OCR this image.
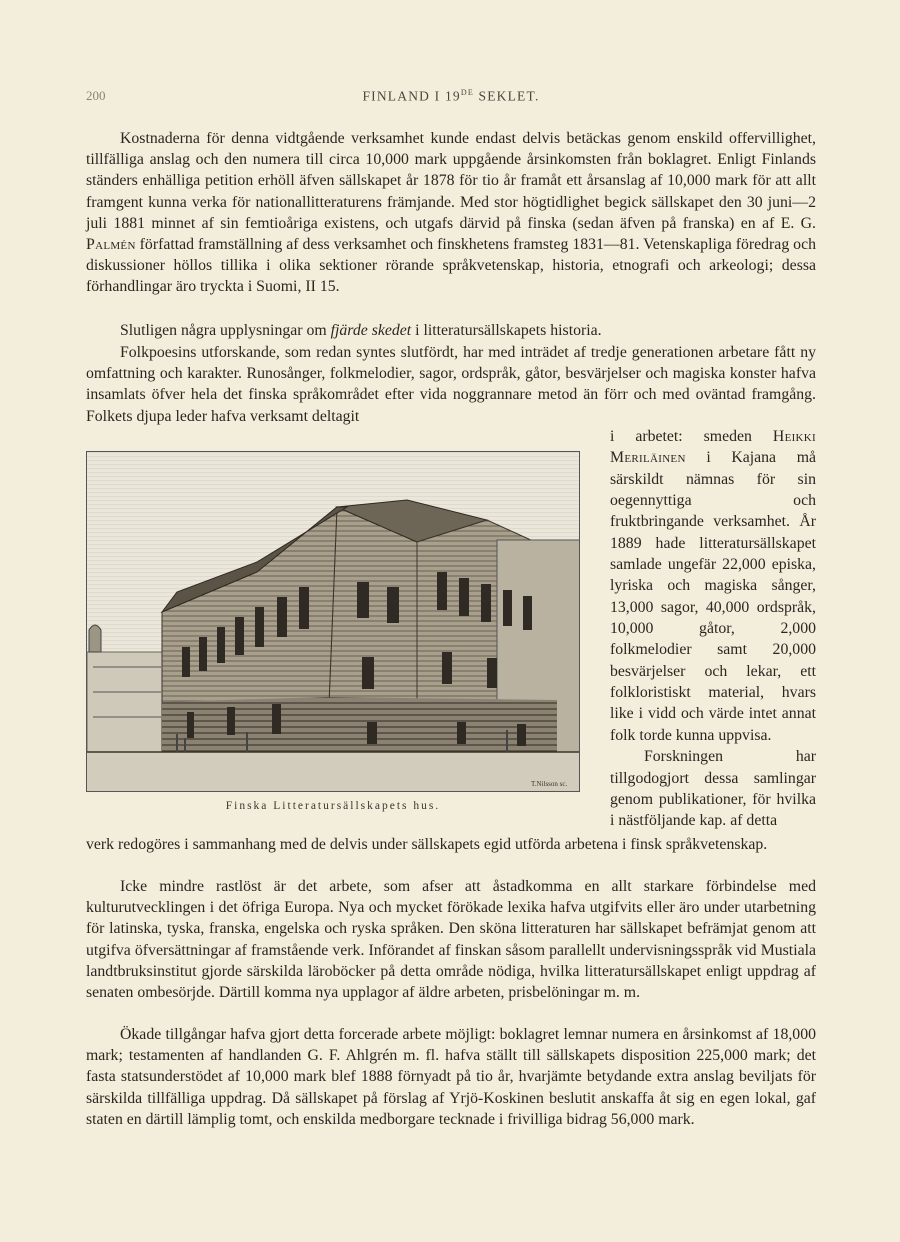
200	FINLAND I 19DE SEKLET.

Kostnaderna för denna vidtgående verksamhet kunde endast delvis betäckas genom enskild offervillighet, tillfälliga anslag och den numera till circa 10,000 mark uppgående årsinkomsten från boklagret. Enligt Finlands ständers enhälliga petition erhöll äfven sällskapet år 1878 för tio år framåt ett årsanslag af 10,000 mark för att allt framgent kunna verka för nationallitteraturens främjande. Med stor högtidlighet begick sällskapet den 30 juni—2 juli 1881 minnet af sin femtioåriga existens, och utgafs därvid på finska (sedan äfven på franska) en af E. G. Palmén författad framställning af dess verksamhet och finskhetens framsteg 1831—81. Vetenskapliga föredrag och diskussioner höllos tillika i olika sektioner rörande språkvetenskap, historia, etnografi och arkeologi; dessa förhandlingar äro tryckta i Suomi, II 15.

Slutligen några upplysningar om fjärde skedet i litteratursällskapets historia.

Folkpoesins utforskande, som redan syntes slutfördt, har med inträdet af tredje generationen arbetare fått ny omfattning och karakter. Runosånger, folkmelodier, sagor, ordspråk, gåtor, besvärjelser och magiska konster hafva insamlats öfver hela det finska språkområdet efter vida noggrannare metod än förr och med oväntad framgång. Folkets djupa leder hafva verksamt deltagit

T.Nilsson sc.
Finska Litteratursällskapets hus.

i arbetet: smeden Heikki Meriläinen i Kajana må särskildt nämnas för sin oegennyttiga och fruktbringande verksamhet. År 1889 hade litteratursällskapet samlade ungefär 22,000 episka, lyriska och magiska sånger, 13,000 sagor, 40,000 ordspråk, 10,000 gåtor, 2,000 folkmelodier samt 20,000 besvärjelser och lekar, ett folkloristiskt material, hvars like i vidd och värde intet annat folk torde kunna uppvisa.
Forskningen har tillgodogjort dessa samlingar genom publikationer, för hvilka i nästföljande kap. af detta

verk redogöres i sammanhang med de delvis under sällskapets egid utförda arbetena i finsk språkvetenskap.

Icke mindre rastlöst är det arbete, som afser att åstadkomma en allt starkare förbindelse med kulturutvecklingen i det öfriga Europa. Nya och mycket förökade lexika hafva utgifvits eller äro under utarbetning för latinska, tyska, franska, engelska och ryska språken. Den sköna litteraturen har sällskapet befrämjat genom att utgifva öfversättningar af framstående verk. Införandet af finskan såsom parallellt undervisningsspråk vid Mustiala landtbruksinstitut gjorde särskilda läroböcker på detta område nödiga, hvilka litteratursällskapet enligt uppdrag af senaten ombesörjde. Därtill komma nya upplagor af äldre arbeten, prisbelöningar m. m.

Ökade tillgångar hafva gjort detta forcerade arbete möjligt: boklagret lemnar numera en årsinkomst af 18,000 mark; testamenten af handlanden G. F. Ahlgrén m. fl. hafva ställt till sällskapets disposition 225,000 mark; det fasta statsunderstödet af 10,000 mark blef 1888 förnyadt på tio år, hvarjämte betydande extra anslag beviljats för särskilda tillfälliga uppdrag. Då sällskapet på förslag af Yrjö-Koskinen beslutit anskaffa åt sig en egen lokal, gaf staten en därtill lämplig tomt, och enskilda medborgare tecknade i frivilliga bidrag 56,000 mark.
